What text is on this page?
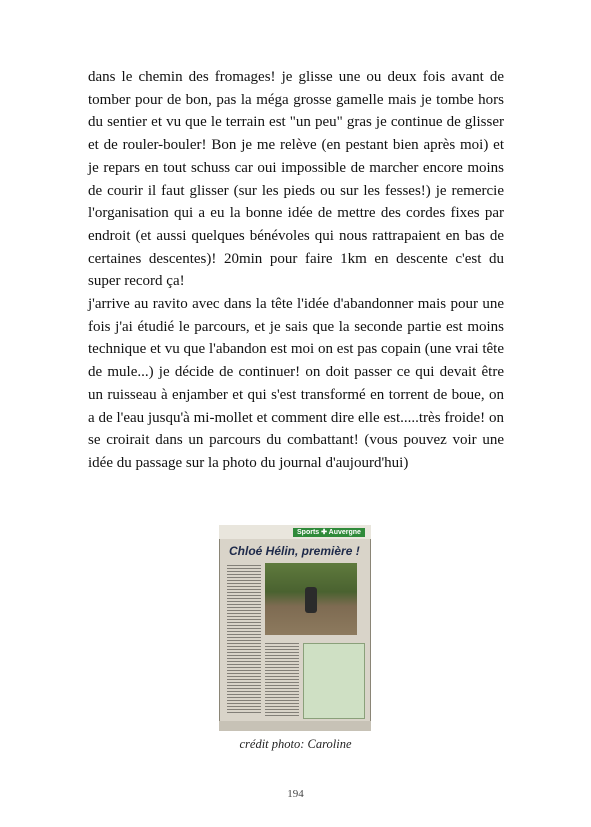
dans le chemin des fromages! je glisse une ou deux fois avant de tomber pour de bon, pas la méga grosse gamelle mais je tombe hors du sentier et vu que le terrain est "un peu" gras je continue de glisser et de rouler-bouler! Bon je me relève (en pestant bien après moi) et je repars en tout schuss car oui impossible de marcher encore moins de courir il faut glisser (sur les pieds ou sur les fesses!) je remercie l'organisation qui a eu la bonne idée de mettre des cordes fixes par endroit (et aussi quelques bénévoles qui nous rattrapaient en bas de certaines descentes)! 20min pour faire 1km en descente c'est du super record ça!

j'arrive au ravito avec dans la tête l'idée d'abandonner mais pour une fois j'ai étudié le parcours, et je sais que la seconde partie est moins technique et vu que l'abandon est moi on est pas copain (une vrai tête de mule...) je décide de continuer! on doit passer ce qui devait être un ruisseau à enjamber et qui s'est transformé en torrent de boue, on a de l'eau jusqu'à mi-mollet et comment dire elle est.....très froide! on se croirait dans un parcours du combattant! (vous pouvez voir une idée du passage sur la photo du journal d'aujourd'hui)

Sports ✚ Auvergne
Chloé Hélin, première !
crédit photo: Caroline
194
